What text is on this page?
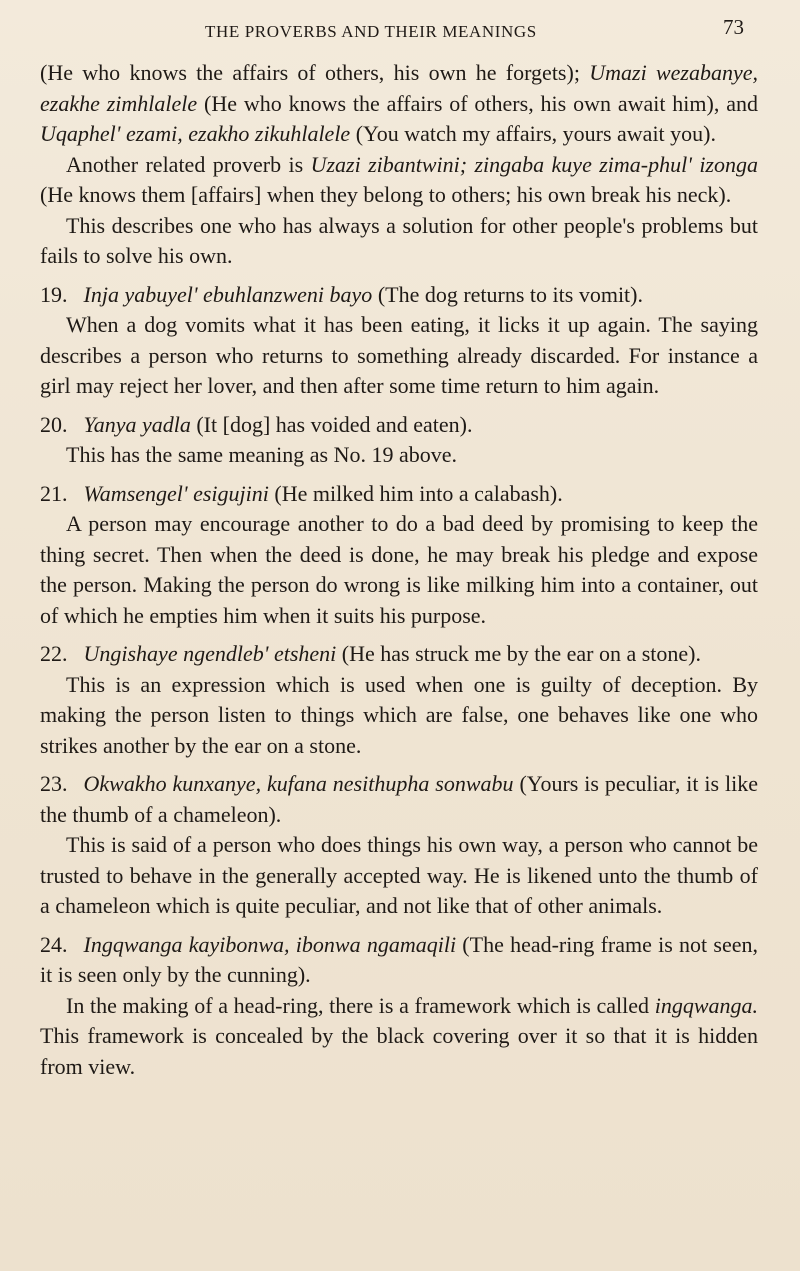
THE PROVERBS AND THEIR MEANINGS	73

(He who knows the affairs of others, his own he forgets); Umazi wezabanye, ezakhe zimhlalele (He who knows the affairs of others, his own await him), and Uqaphel' ezami, ezakho zikuhlalele (You watch my affairs, yours await you).

Another related proverb is Uzazi zibantwini; zingaba kuye zima-phul' izonga (He knows them [affairs] when they belong to others; his own break his neck).

This describes one who has always a solution for other people's problems but fails to solve his own.

19. Inja yabuyel' ebuhlanzweni bayo (The dog returns to its vomit).

When a dog vomits what it has been eating, it licks it up again. The saying describes a person who returns to something already discarded. For instance a girl may reject her lover, and then after some time return to him again.

20. Yanya yadla (It [dog] has voided and eaten).

This has the same meaning as No. 19 above.

21. Wamsengel' esigujini (He milked him into a calabash).

A person may encourage another to do a bad deed by promising to keep the thing secret. Then when the deed is done, he may break his pledge and expose the person. Making the person do wrong is like milking him into a container, out of which he empties him when it suits his purpose.

22. Ungishaye ngendleb' etsheni (He has struck me by the ear on a stone).

This is an expression which is used when one is guilty of deception. By making the person listen to things which are false, one behaves like one who strikes another by the ear on a stone.

23. Okwakho kunxanye, kufana nesithupha sonwabu (Yours is peculiar, it is like the thumb of a chameleon).

This is said of a person who does things his own way, a person who cannot be trusted to behave in the generally accepted way. He is likened unto the thumb of a chameleon which is quite peculiar, and not like that of other animals.

24. Ingqwanga kayibonwa, ibonwa ngamaqili (The head-ring frame is not seen, it is seen only by the cunning).

In the making of a head-ring, there is a framework which is called ingqwanga. This framework is concealed by the black covering over it so that it is hidden from view.
